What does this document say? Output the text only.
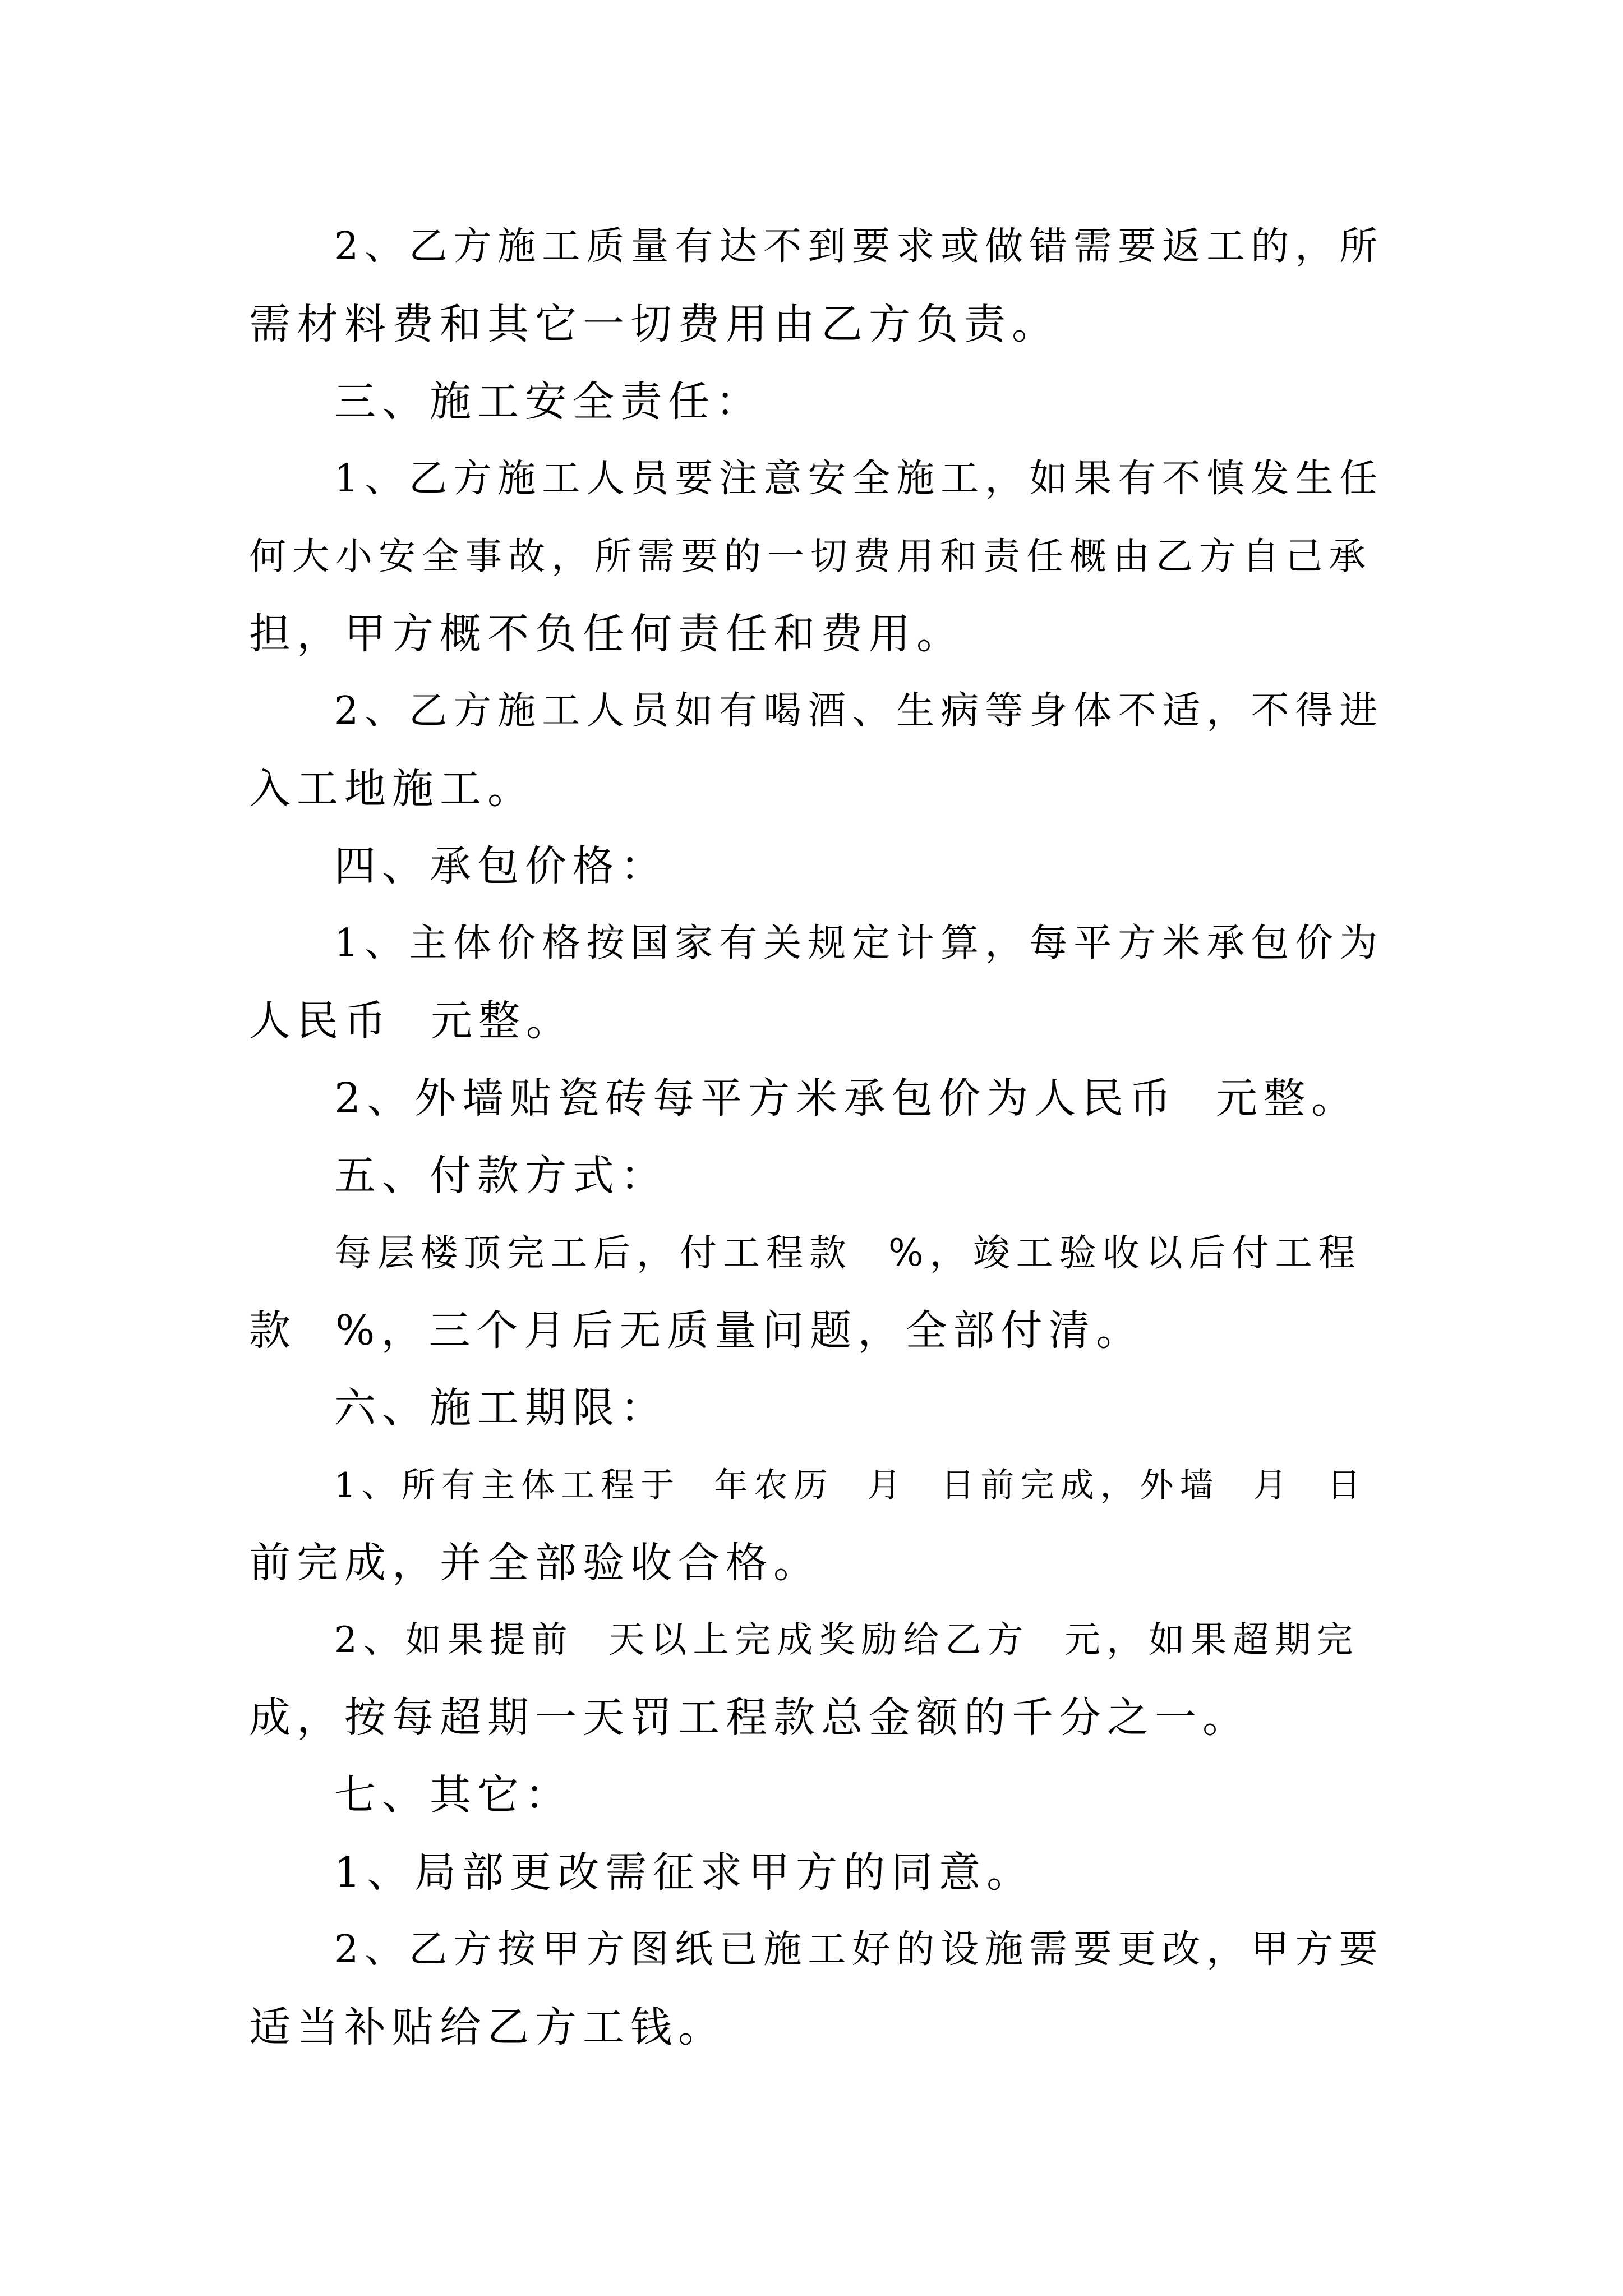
2、乙方施工质量有达不到要求或做错需要返工的，所
需材料费和其它一切费用由乙方负责。
三、施工安全责任：
1、乙方施工人员要注意安全施工，如果有不慎发生任
何大小安全事故，所需要的一切费用和责任概由乙方自己承
担，甲方概不负任何责任和费用。
2、乙方施工人员如有喝酒、生病等身体不适，不得进
入工地施工。
四、承包价格：
1、主体价格按国家有关规定计算，每平方米承包价为
人民币  元整。
2、外墙贴瓷砖每平方米承包价为人民币  元整。
五、付款方式：
每层楼顶完工后，付工程款  %，竣工验收以后付工程
款  %，三个月后无质量问题，全部付清。
六、施工期限：
1、所有主体工程于  年农历  月  日前完成，外墙  月  日
前完成，并全部验收合格。
2、如果提前  天以上完成奖励给乙方  元，如果超期完
成，按每超期一天罚工程款总金额的千分之一。
七、其它：
1、局部更改需征求甲方的同意。
2、乙方按甲方图纸已施工好的设施需要更改，甲方要
适当补贴给乙方工钱。
